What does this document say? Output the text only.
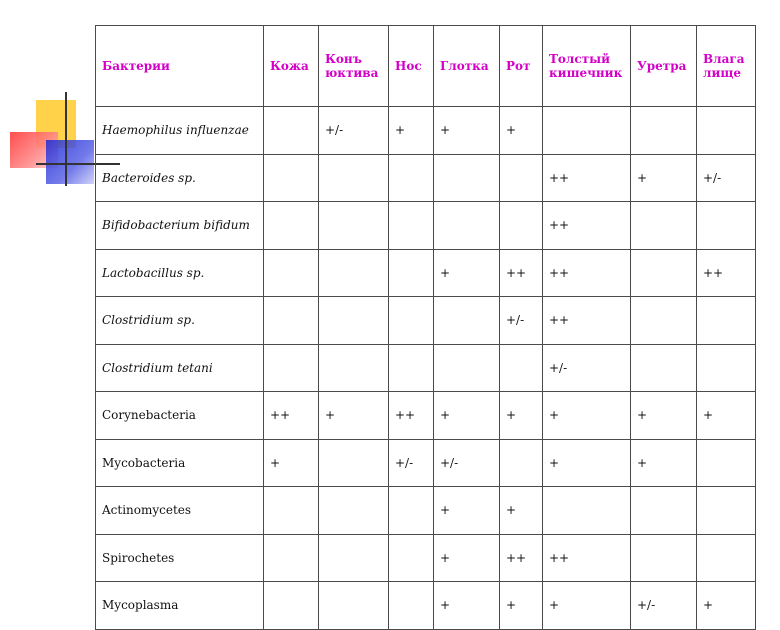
Бактерии	Кожа	Конъ юктива	Нос	Глотка	Рот	Толстый кишечник	Уретра	Влага лище
Haemophilus influenzae		+/-	+	+	+			
Bacteroides sp.						++	+	+/-
Bifidobacterium bifidum						++		
Lactobacillus sp.				+	++	++		++
Clostridium sp.					+/-	++		
Clostridium tetani						+/-		
Corynebacteria	++	+	++	+	+	+	+	+
Mycobacteria	+		+/-	+/-		+	+	
Actinomycetes				+	+			
Spirochetes				+	++	++		
Mycoplasma				+	+	+	+/-	+
